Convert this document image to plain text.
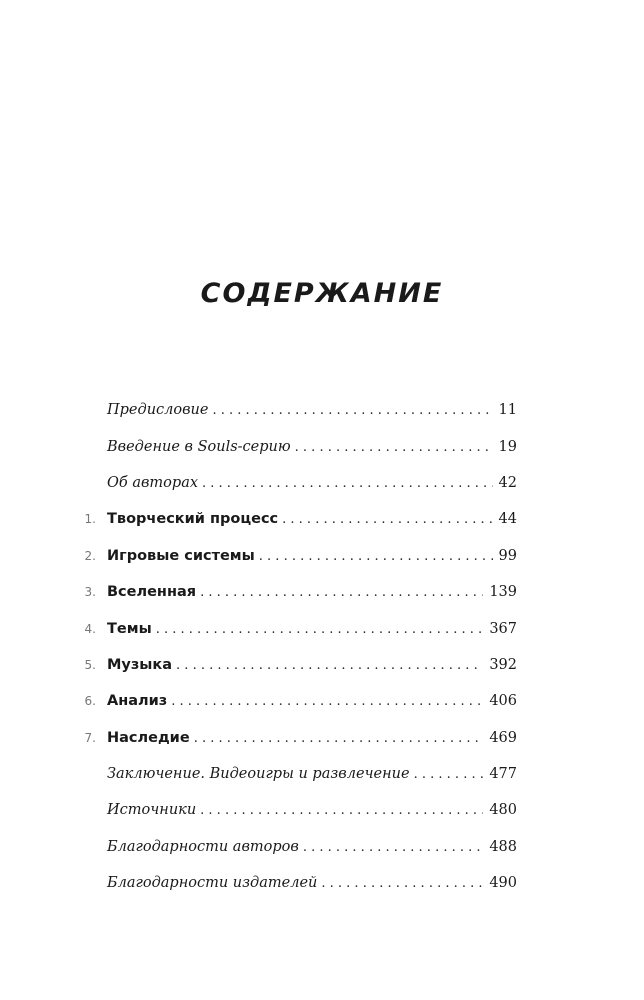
СОДЕРЖАНИЕ
Предисловие . . .	11
Введение в Souls-серию . . .	19
Об авторах . . .	42
1. Творческий процесс . . .	44
2. Игровые системы . . .	99
3. Вселенная . . .	139
4. Темы . . .	367
5. Музыка . . .	392
6. Анализ . . .	406
7. Наследие . . .	469
Заключение. Видеоигры и развлечение . . .	477
Источники . . .	480
Благодарности авторов . . .	488
Благодарности издателей . . .	490
